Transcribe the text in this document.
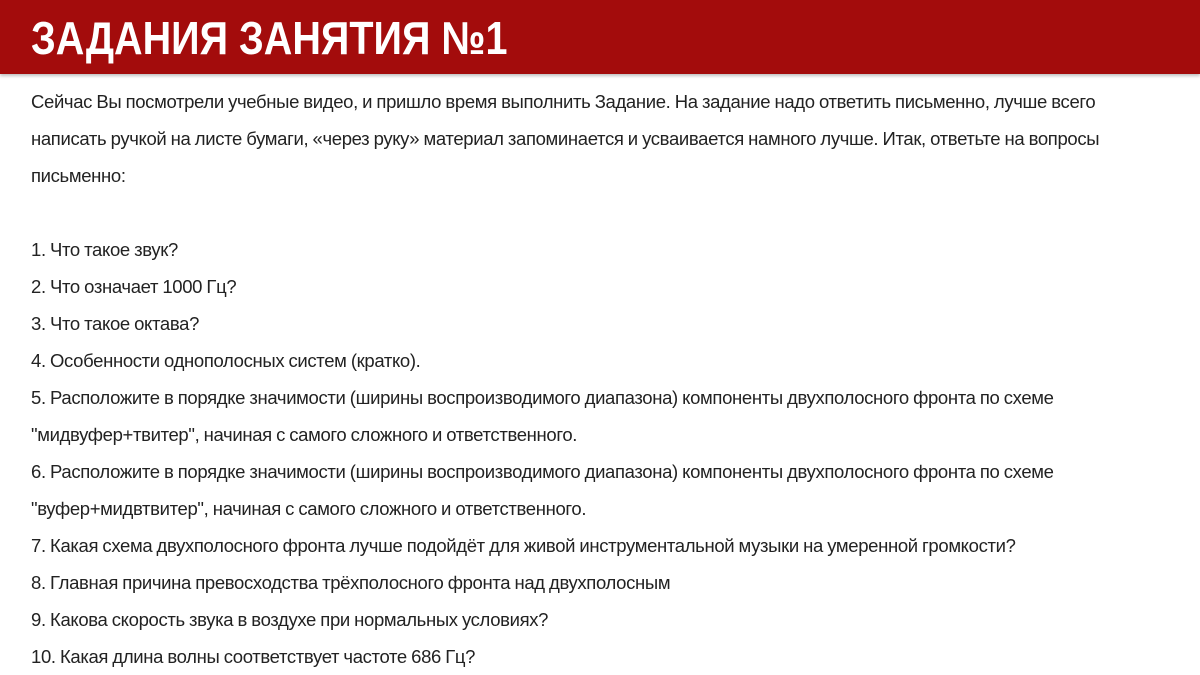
ЗАДАНИЯ ЗАНЯТИЯ №1

Сейчас Вы посмотрели учебные видео, и пришло время выполнить Задание. На задание надо ответить письменно, лучше всего написать ручкой на листе бумаги, «через руку» материал запоминается и усваивается намного лучше. Итак, ответьте на вопросы письменно:

1. Что такое звук?
2. Что означает 1000 Гц?
3. Что такое октава?
4. Особенности однополосных систем (кратко).
5. Расположите в порядке значимости (ширины воспроизводимого диапазона) компоненты двухполосного фронта по схеме "мидвуфер+твитер", начиная с самого сложного и ответственного.
6. Расположите в порядке значимости (ширины воспроизводимого диапазона) компоненты двухполосного фронта по схеме "вуфер+мидвтвитер", начиная с самого сложного и ответственного.
7. Какая схема двухполосного фронта лучше подойдёт для живой инструментальной музыки на умеренной громкости?
8. Главная причина превосходства трёхполосного фронта над двухполосным
9. Какова скорость звука в воздухе при нормальных условиях?
10. Какая длина волны соответствует частоте 686 Гц?
